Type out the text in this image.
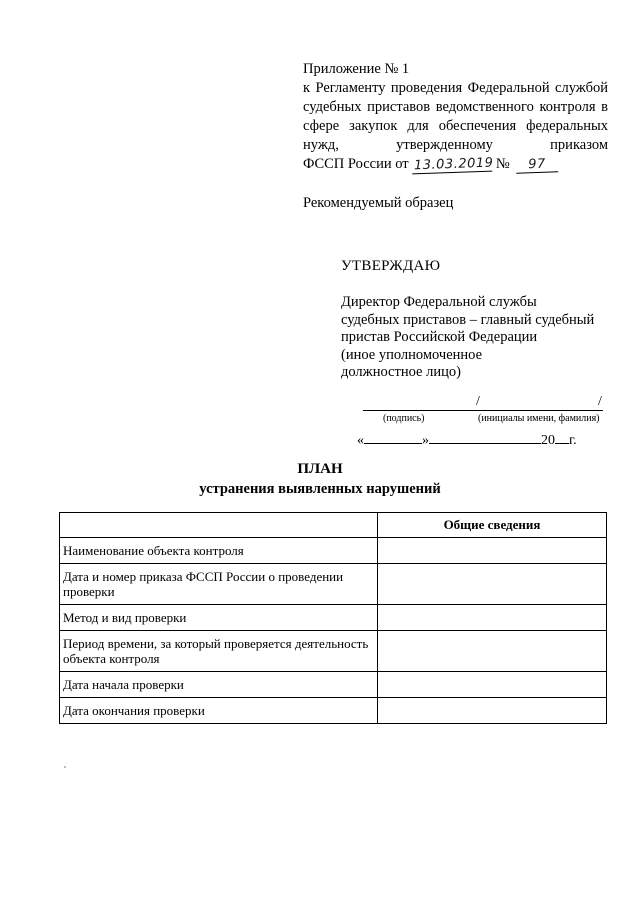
Приложение № 1
к Регламенту проведения Федеральной службой судебных приставов ведомственного контроля в сфере закупок для обеспечения федеральных нужд, утвержденному приказом
ФССП России от 13.03.2019 № 97
Рекомендуемый образец
УТВЕРЖДАЮ
Директор Федеральной службы
судебных приставов – главный судебный
пристав Российской Федерации
(иное уполномоченное
должностное лицо)
/	/
(подпись)	(инициалы имени, фамилия)
«	»	20 г.
ПЛАН
устранения выявленных нарушений
	Общие сведения
Наименование объекта контроля	
Дата и номер приказа ФССП России о проведении проверки	
Метод и вид проверки	
Период времени, за который проверяется деятельность объекта контроля	
Дата начала проверки	
Дата окончания проверки	
